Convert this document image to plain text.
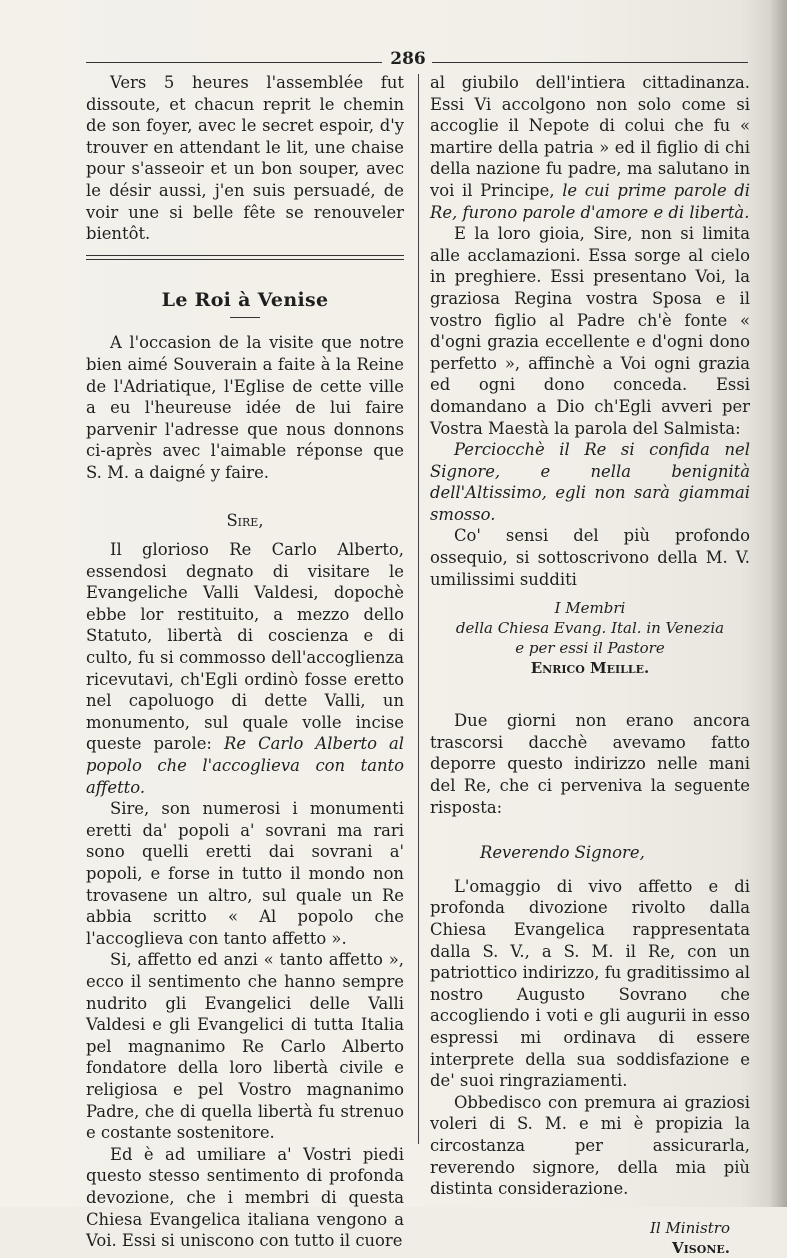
286

Vers 5 heures l'assemblée fut dissoute, et chacun reprit le chemin de son foyer, avec le secret espoir, d'y trouver en attendant le lit, une chaise pour s'asseoir et un bon souper, avec le désir aussi, j'en suis persuadé, de voir une si belle fête se renouveler bientôt.

Le Roi à Venise

A l'occasion de la visite que notre bien aimé Souverain a faite à la Reine de l'Adriatique, l'Eglise de cette ville a eu l'heureuse idée de lui faire parvenir l'adresse que nous donnons ci-après avec l'aimable réponse que S. M. a daigné y faire.

Sire,

Il glorioso Re Carlo Alberto, essendosi degnato di visitare le Evangeliche Valli Valdesi, dopochè ebbe lor restituito, a mezzo dello Statuto, libertà di coscienza e di culto, fu si commosso dell'accoglienza ricevutavi, ch'Egli ordinò fosse eretto nel capoluogo di dette Valli, un monumento, sul quale volle incise queste parole: Re Carlo Alberto al popolo che l'accoglieva con tanto affetto.

Sire, son numerosi i monumenti eretti da' popoli a' sovrani ma rari sono quelli eretti dai sovrani a' popoli, e forse in tutto il mondo non trovasene un altro, sul quale un Re abbia scritto « Al popolo che l'accoglieva con tanto affetto ».

Si, affetto ed anzi « tanto affetto », ecco il sentimento che hanno sempre nudrito gli Evangelici delle Valli Valdesi e gli Evangelici di tutta Italia pel magnanimo Re Carlo Alberto fondatore della loro libertà civile e religiosa e pel Vostro magnanimo Padre, che di quella libertà fu strenuo e costante sostenitore.

Ed è ad umiliare a' Vostri piedi questo stesso sentimento di profonda devozione, che i membri di questa Chiesa Evangelica italiana vengono a Voi. Essi si uniscono con tutto il cuore

al giubilo dell'intiera cittadinanza. Essi Vi accolgono non solo come si accoglie il Nepote di colui che fu « martire della patria » ed il figlio di chi della nazione fu padre, ma salutano in voi il Principe, le cui prime parole di Re, furono parole d'amore e di libertà.

E la loro gioia, Sire, non si limita alle acclamazioni. Essa sorge al cielo in preghiere. Essi presentano Voi, la graziosa Regina vostra Sposa e il vostro figlio al Padre ch'è fonte « d'ogni grazia eccellente e d'ogni dono perfetto », affinchè a Voi ogni grazia ed ogni dono conceda. Essi domandano a Dio ch'Egli avveri per Vostra Maestà la parola del Salmista:

Perciocchè il Re si confida nel Signore, e nella benignità dell'Altissimo, egli non sarà giammai smosso.

Co' sensi del più profondo ossequio, si sottoscrivono della M. V. umilissimi sudditi

I Membri
della Chiesa Evang. Ital. in Venezia
e per essi il Pastore
Enrico Meille.

Due giorni non erano ancora trascorsi dacchè avevamo fatto deporre questo indirizzo nelle mani del Re, che ci perveniva la seguente risposta:

Reverendo Signore,

L'omaggio di vivo affetto e di profonda divozione rivolto dalla Chiesa Evangelica rappresentata dalla S. V., a S. M. il Re, con un patriottico indirizzo, fu graditissimo al nostro Augusto Sovrano che accogliendo i voti e gli augurii in esso espressi mi ordinava di essere interprete della sua soddisfazione e de' suoi ringraziamenti.

Obbedisco con premura ai graziosi voleri di S. M. e mi è propizia la circostanza per assicurarla, reverendo signore, della mia più distinta considerazione.

Il Ministro
Visone.
